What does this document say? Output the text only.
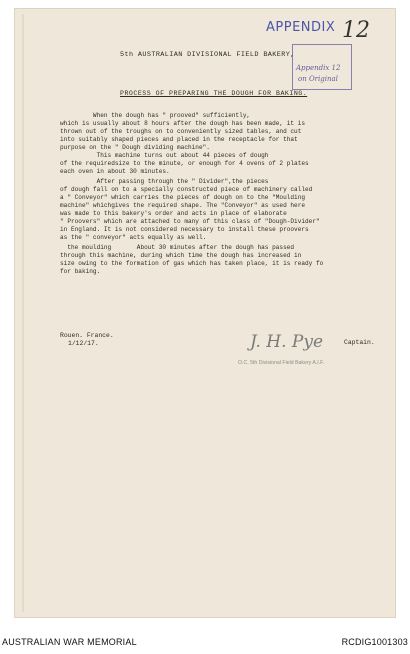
APPENDIX 12
Appendix 12
on Original
5th AUSTRALIAN DIVISIONAL FIELD BAKERY,
PROCESS OF PREPARING THE DOUGH FOR BAKING.
When the dough has " prooved" sufficiently,
which is usually about 8 hours after the dough has been made, it is
thrown out of the troughs on to conveniently sized tables, and cut
into suitably shaped pieces and placed in the receptacle for that
purpose on the " Dough dividing machine".
This machine turns out about 44 pieces of dough
of the requiredsize to the minute, or enough for 4 ovens of 2 plates
each oven in about 30 minutes.
After passing through the " Divider",the pieces
of dough fall on to a specially constructed piece of machinery called
a " Conveyor" which carries the pieces of dough on to the "Moulding
machine" whichgives the required shape. The "Conveyor" as used here
was made to this bakery's order and acts in place of elaborate
" Proovers" which are attached to many of this class of "Dough-Divider"
in England. It is not considered necessary to install these proovers
as the " conveyor" acts equally as well.
the moulding       About 30 minutes after the dough has passed
through this machine, during which time the dough has increased in
size owing to the formation of gas which has taken place, it is ready fo
for baking.
Rouen. France.
1/12/17.	J. H. Pye	Captain.
O.C. 5th Divisional Field Bakery A.I.F.
AUSTRALIAN WAR MEMORIAL	RCDIG1001303
